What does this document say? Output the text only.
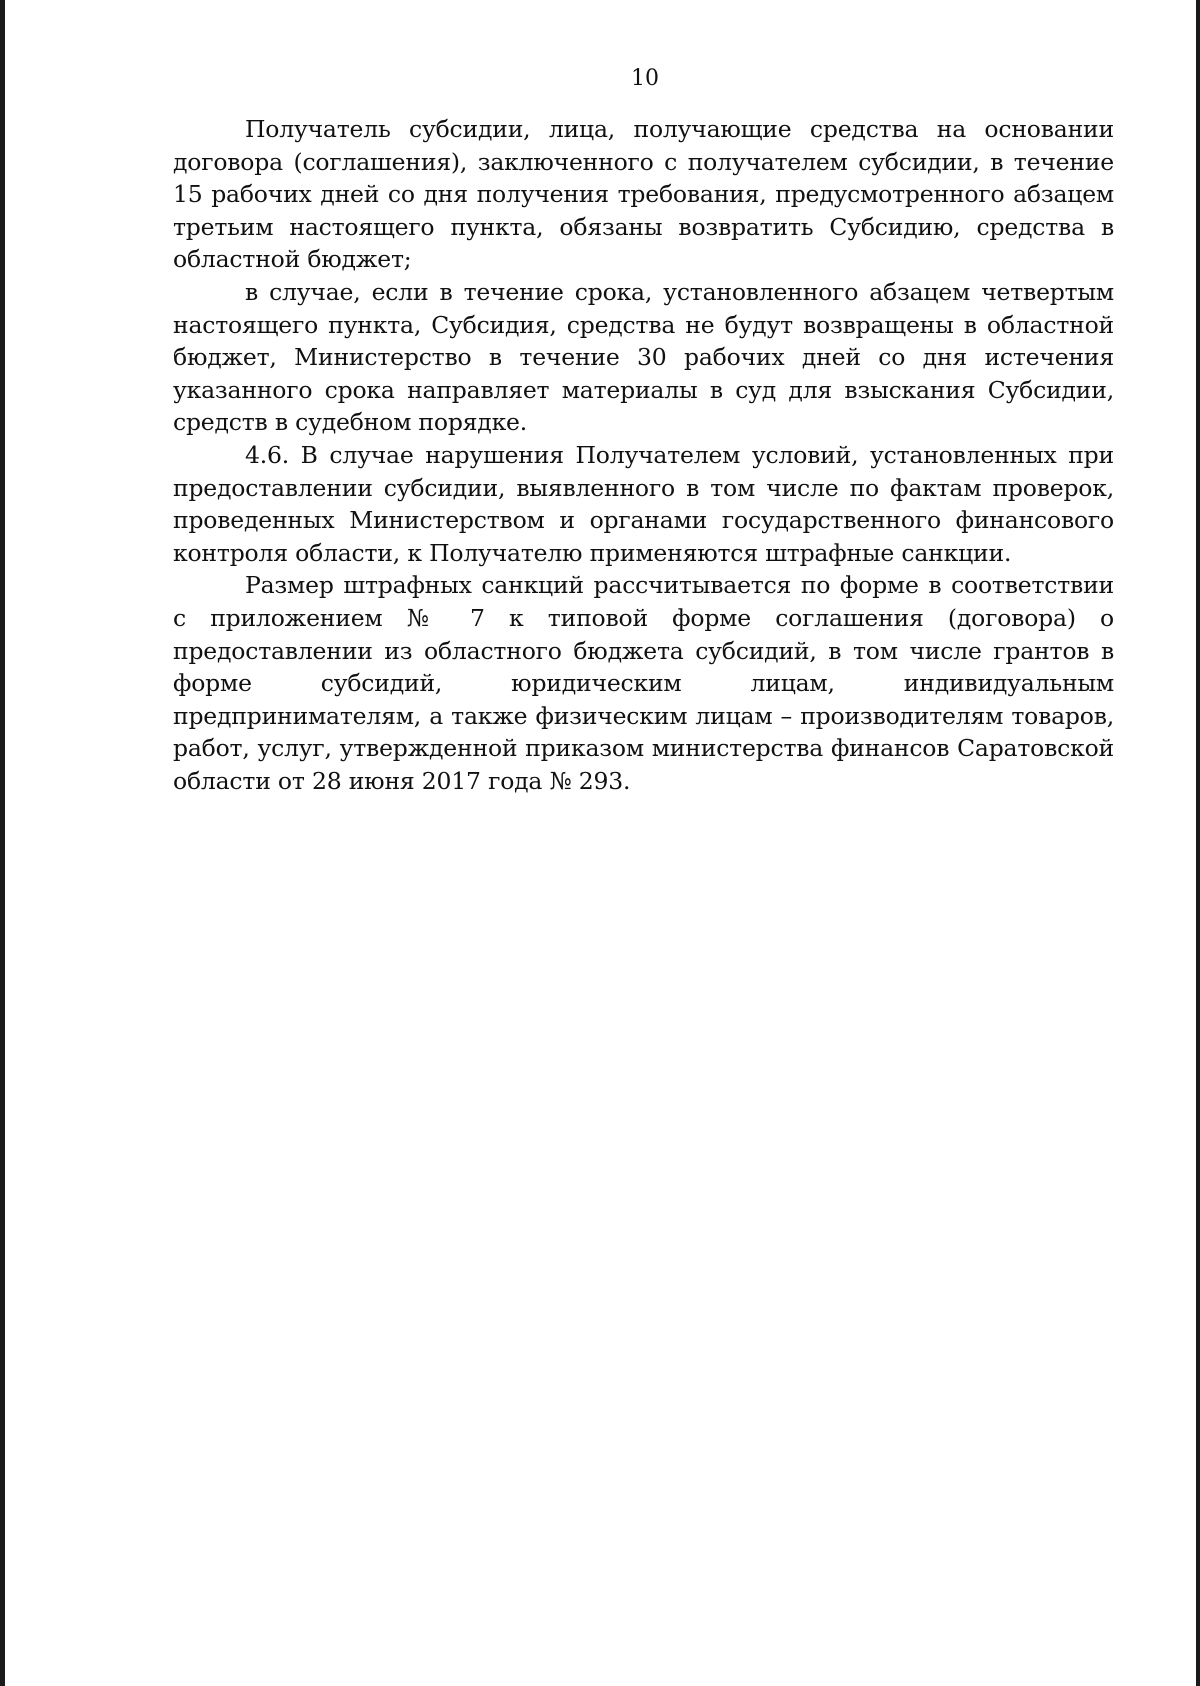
10

Получатель субсидии, лица, получающие средства на основании договора (соглашения), заключенного с получателем субсидии, в течение 15 рабочих дней со дня получения требования, предусмотренного абзацем третьим настоящего пункта, обязаны возвратить Субсидию, средства в областной бюджет;

в случае, если в течение срока, установленного абзацем четвертым настоящего пункта, Субсидия, средства не будут возвращены в областной бюджет, Министерство в течение 30 рабочих дней со дня истечения указанного срока направляет материалы в суд для взыскания Субсидии, средств в судебном порядке.

4.6. В случае нарушения Получателем условий, установленных при предоставлении субсидии, выявленного в том числе по фактам проверок, проведенных Министерством и органами государственного финансового контроля области, к Получателю применяются штрафные санкции.

Размер штрафных санкций рассчитывается по форме в соответствии с приложением № 7 к типовой форме соглашения (договора) о предоставлении из областного бюджета субсидий, в том числе грантов в форме субсидий, юридическим лицам, индивидуальным предпринимателям, а также физическим лицам – производителям товаров, работ, услуг, утвержденной приказом министерства финансов Саратовской области от 28 июня 2017 года № 293.
